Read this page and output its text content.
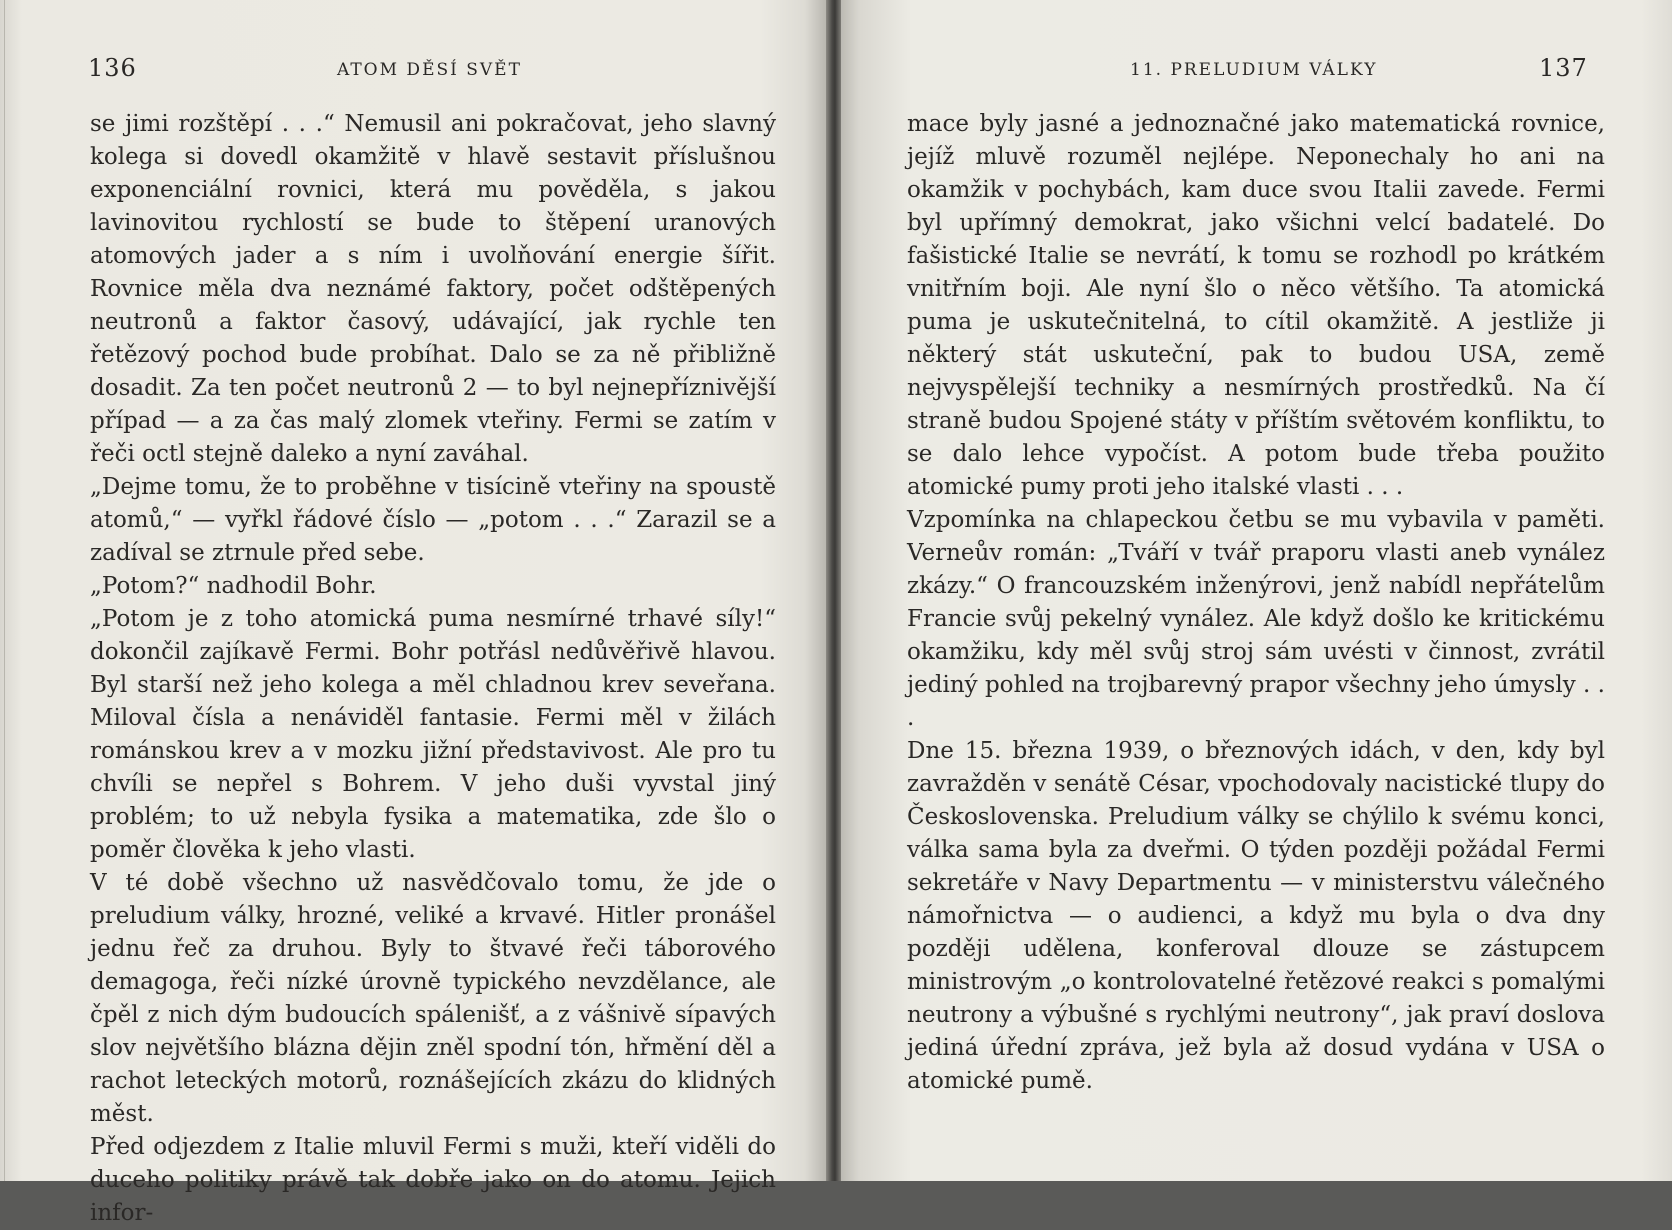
136	ATOM DĚSÍ SVĚT

se jimi rozštěpí . . .“ Nemusil ani pokračovat, jeho slavný kolega si dovedl okamžitě v hlavě sestavit příslušnou exponenciální rovnici, která mu pověděla, s jakou lavinovitou rychlostí se bude to štěpení uranových atomových jader a s ním i uvolňování energie šířit. Rovnice měla dva neznámé faktory, počet odštěpených neutronů a faktor časový, udávající, jak rychle ten řetězový pochod bude probíhat. Dalo se za ně přibližně dosadit. Za ten počet neutronů 2 — to byl nejnepříznivější případ — a za čas malý zlomek vteřiny. Fermi se zatím v řeči octl stejně daleko a nyní zaváhal.

„Dejme tomu, že to proběhne v tisícině vteřiny na spoustě atomů,“ — vyřkl řádové číslo — „potom . . .“ Zarazil se a zadíval se ztrnule před sebe.

„Potom?“ nadhodil Bohr.

„Potom je z toho atomická puma nesmírné trhavé síly!“ dokončil zajíkavě Fermi. Bohr potřásl nedůvěřivě hlavou. Byl starší než jeho kolega a měl chladnou krev seveřana. Miloval čísla a nenáviděl fantasie. Fermi měl v žilách románskou krev a v mozku jižní představivost. Ale pro tu chvíli se nepřel s Bohrem. V jeho duši vyvstal jiný problém; to už nebyla fysika a matematika, zde šlo o poměr člověka k jeho vlasti.

V té době všechno už nasvědčovalo tomu, že jde o preludium války, hrozné, veliké a krvavé. Hitler pronášel jednu řeč za druhou. Byly to štvavé řeči táborového demagoga, řeči nízké úrovně typického nevzdělance, ale čpěl z nich dým budoucích spálenišť, a z vášnivě sípavých slov největšího blázna dějin zněl spodní tón, hřmění děl a rachot leteckých motorů, roznášejících zkázu do klidných měst.

Před odjezdem z Italie mluvil Fermi s muži, kteří viděli do duceho politiky právě tak dobře jako on do atomu. Jejich infor-

11. PRELUDIUM VÁLKY	137

mace byly jasné a jednoznačné jako matematická rovnice, jejíž mluvě rozuměl nejlépe. Neponechaly ho ani na okamžik v pochybách, kam duce svou Italii zavede. Fermi byl upřímný demokrat, jako všichni velcí badatelé. Do fašistické Italie se nevrátí, k tomu se rozhodl po krátkém vnitřním boji. Ale nyní šlo o něco většího. Ta atomická puma je uskutečnitelná, to cítil okamžitě. A jestliže ji některý stát uskuteční, pak to budou USA, země nejvyspělejší techniky a nesmírných prostředků. Na čí straně budou Spojené státy v příštím světovém konfliktu, to se dalo lehce vypočíst. A potom bude třeba použito atomické pumy proti jeho italské vlasti . . .

Vzpomínka na chlapeckou četbu se mu vybavila v paměti. Verneův román: „Tváří v tvář praporu vlasti aneb vynález zkázy.“ O francouzském inženýrovi, jenž nabídl nepřátelům Francie svůj pekelný vynález. Ale když došlo ke kritickému okamžiku, kdy měl svůj stroj sám uvésti v činnost, zvrátil jediný pohled na trojbarevný prapor všechny jeho úmysly . . .

Dne 15. března 1939, o březnových idách, v den, kdy byl zavražděn v senátě César, vpochodovaly nacistické tlupy do Československa. Preludium války se chýlilo k svému konci, válka sama byla za dveřmi. O týden později požádal Fermi sekretáře v Navy Departmentu — v ministerstvu válečného námořnictva — o audienci, a když mu byla o dva dny později udělena, konferoval dlouze se zástupcem ministrovým „o kontrolovatelné řetězové reakci s pomalými neutrony a výbušné s rychlými neutrony“, jak praví doslova jediná úřední zpráva, jež byla až dosud vydána v USA o atomické pumě.
